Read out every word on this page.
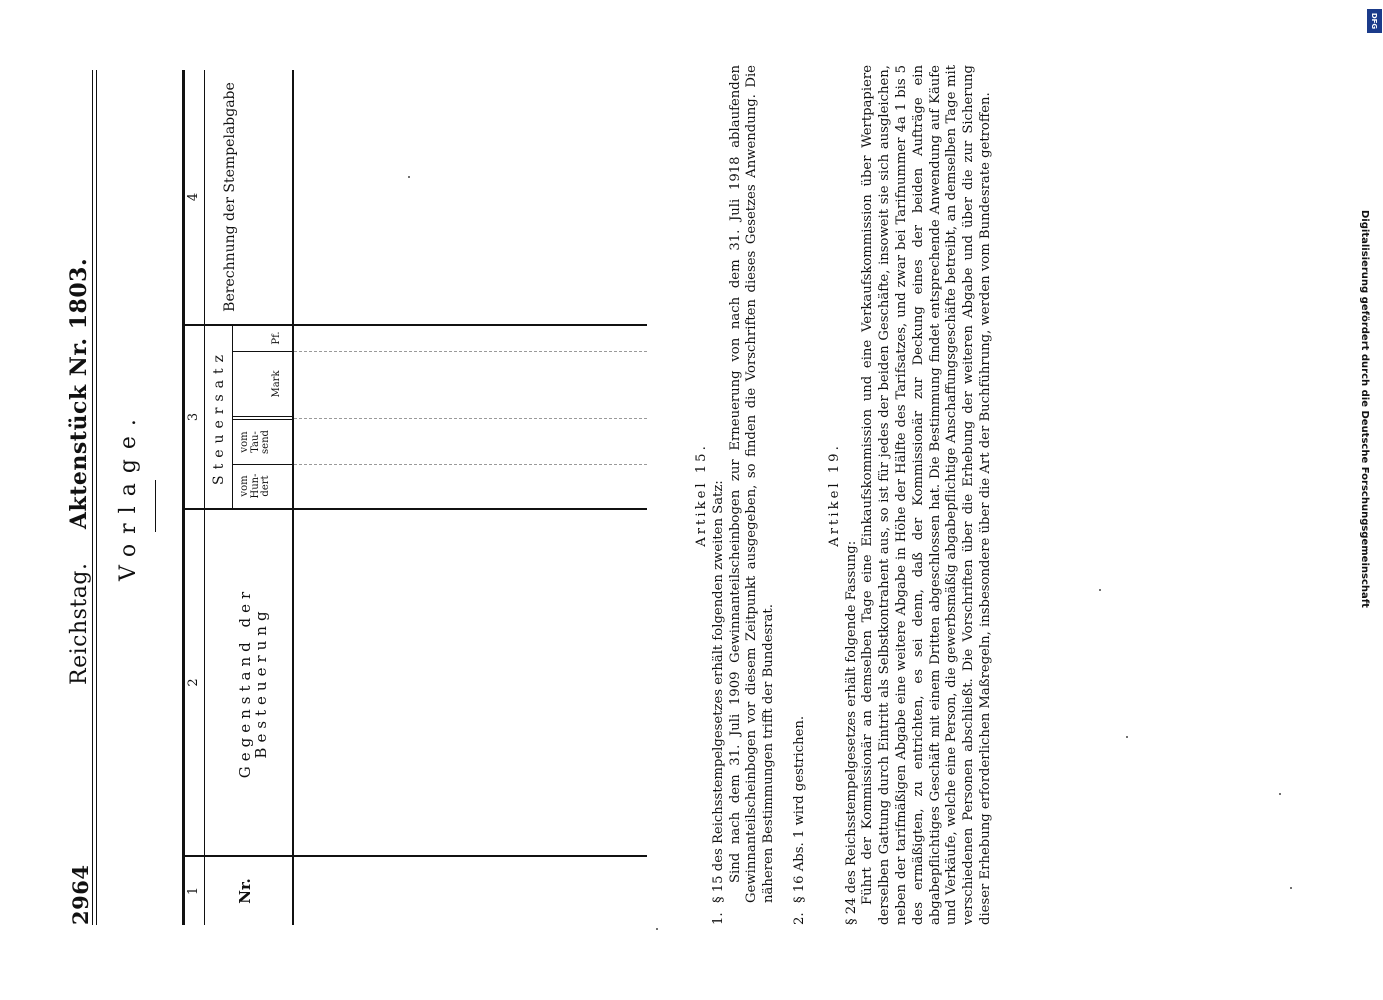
2964
Reichstag. Aktenstück Nr. 1803. Vorlage.
1
2
3
4
Nr.
Gegenstand der Besteuerung
Steuersatz
vom Hun- dert
vom Tau- send
Mark
Pf.
Berechnung der Stempelabgabe

Artikel 15.

1.

§ 15 des Reichsstempelgesetzes erhält folgenden zweiten Satz: Sind nach dem 31. Juli 1909 Gewinnanteilscheinbogen zur Erneuerung von nach dem 31. Juli 1918 ablaufenden Gewinnanteilscheinbogen vor diesem Zeitpunkt ausgegeben, so finden die Vorschriften dieses Gesetzes Anwendung. Die näheren Bestimmungen trifft der Bundesrat.

2.

§ 16 Abs. 1 wird gestrichen.

Artikel 19.

§ 24 des Reichsstempelgesetzes erhält folgende Fassung: Führt der Kommissionär an demselben Tage eine Einkaufskommission und eine Verkaufskommission über Wertpapiere derselben Gattung durch Eintritt als Selbstkontrahent aus, so ist für jedes der beiden Geschäfte, insoweit sie sich ausgleichen, neben der tarifmäßigen Abgabe eine weitere Abgabe in Höhe der Hälfte des Tarifsatzes, und zwar bei Tarifnummer 4a 1 bis 5 des ermäßigten, zu entrichten, es sei denn, daß der Kommissionär zur Deckung eines der beiden Aufträge ein abgabepflichtiges Geschäft mit einem Dritten abgeschlossen hat. Die Bestimmung findet entsprechende Anwendung auf Käufe und Verkäufe, welche eine Person, die gewerbsmäßig abgabepflichtige Anschaffungsgeschäfte betreibt, an demselben Tage mit verschiedenen Personen abschließt. Die Vorschriften über die Erhebung der weiteren Abgabe und über die zur Sicherung dieser Erhebung erforderlichen Maßregeln, insbesondere über die Art der Buchführung, werden vom Bundesrate getroffen.

DFG
Digitalisierung gefördert durch die Deutsche Forschungsgemeinschaft
